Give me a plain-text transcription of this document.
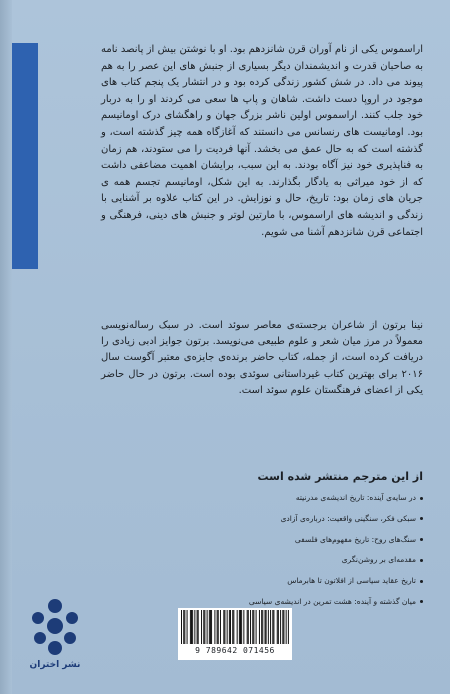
اراسموس یکی از نام آوران قرن شانزدهم بود. او با نوشتن بیش از پانصد نامه به صاحبان قدرت و اندیشمندان دیگر بسیاری از جنبش های این عصر را به هم پیوند می داد. در شش کشور زندگی کرده بود و در انتشار یک پنجم کتاب های موجود در اروپا دست داشت. شاهان و پاپ ها سعی می کردند او را به دربار خود جلب کنند. اراسموس اولین ناشر بزرگ جهان و راهگشای درک اومانیسم بود. اومانیست های رنسانس می دانستند که آغازگاه همه چیز گذشته است، و گذشته است که به حال عمق می بخشد. آنها فردیت را می ستودند، هم زمان به فناپذیری خود نیز آگاه بودند. به این سبب، برایشان اهمیت مضاعفی داشت که از خود میراثی به یادگار بگذارند. به این شکل، اومانیسم تجسم همه ی جریان های زمان بود: تاریخ، حال و نوزایش. در این کتاب علاوه بر آشنایی با زندگی و اندیشه های اراسموس، با مارتین لوتر و جنبش های دینی، فرهنگی و اجتماعی قرن شانزدهم آشنا می شویم.

نینا برتون از شاعران برجسته‌ی معاصر سوئد است. در سبک رساله‌نویسی معمولاً در مرز میان شعر و علوم طبیعی می‌نویسد. برتون جوایز ادبی زیادی را دریافت کرده است، از جمله، کتاب حاضر برنده‌ی جایزه‌ی معتبر آگوست سال ۲۰۱۶ برای بهترین کتاب غیرداستانی سوئدی بوده است. برتون در حال حاضر یکی از اعضای فرهنگستان علوم سوئد است.

از این مترجم منتشر شده است
در سایه‌ی آینده: تاریخ اندیشه‌ی مدرنیته
سبکی فکر، سنگینی واقعیت: درباره‌ی آزادی
سنگ‌های روح: تاریخ مفهوم‌های فلسفی
مقدمه‌ای بر روشن‌نگری
تاریخ عقاید سیاسی از افلاتون تا هابرماس
میان گذشته و آینده: هشت تمرین در اندیشه‌ی سیاسی
9 789642 071456
نشر اختران
